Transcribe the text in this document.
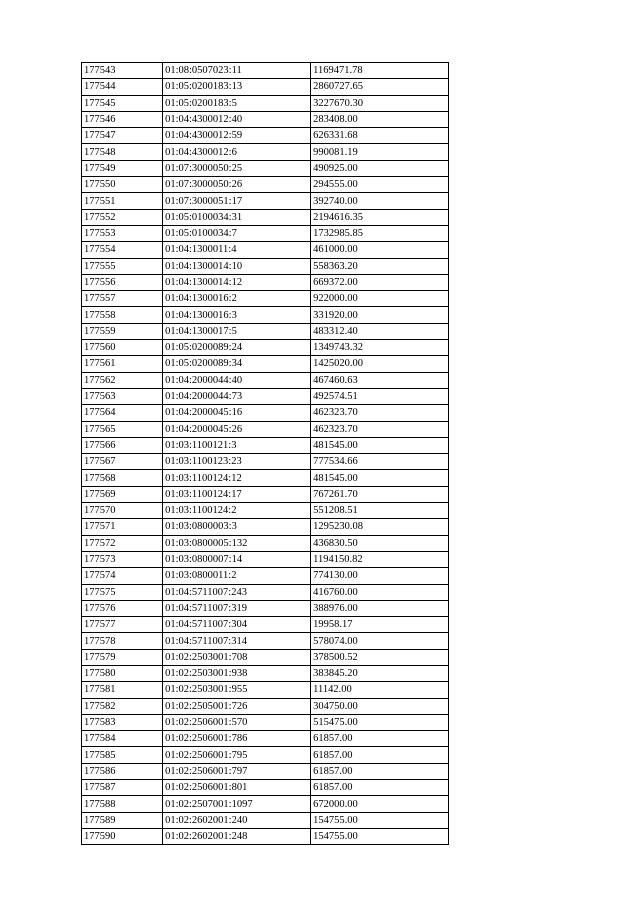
177543	01:08:0507023:11	1169471.78
177544	01:05:0200183:13	2860727.65
177545	01:05:0200183:5	3227670.30
177546	01:04:4300012:40	283408.00
177547	01:04:4300012:59	626331.68
177548	01:04:4300012:6	990081.19
177549	01:07:3000050:25	490925.00
177550	01:07:3000050:26	294555.00
177551	01:07:3000051:17	392740.00
177552	01:05:0100034:31	2194616.35
177553	01:05:0100034:7	1732985.85
177554	01:04:1300011:4	461000.00
177555	01:04:1300014:10	558363.20
177556	01:04:1300014:12	669372.00
177557	01:04:1300016:2	922000.00
177558	01:04:1300016:3	331920.00
177559	01:04:1300017:5	483312.40
177560	01:05:0200089:24	1349743.32
177561	01:05:0200089:34	1425020.00
177562	01:04:2000044:40	467460.63
177563	01:04:2000044:73	492574.51
177564	01:04:2000045:16	462323.70
177565	01:04:2000045:26	462323.70
177566	01:03:1100121:3	481545.00
177567	01:03:1100123:23	777534.66
177568	01:03:1100124:12	481545.00
177569	01:03:1100124:17	767261.70
177570	01:03:1100124:2	551208.51
177571	01:03:0800003:3	1295230.08
177572	01:03:0800005:132	436830.50
177573	01:03:0800007:14	1194150.82
177574	01:03:0800011:2	774130.00
177575	01:04:5711007:243	416760.00
177576	01:04:5711007:319	388976.00
177577	01:04:5711007:304	19958.17
177578	01:04:5711007:314	578074.00
177579	01:02:2503001:708	378500.52
177580	01:02:2503001:938	383845.20
177581	01:02:2503001:955	11142.00
177582	01:02:2505001:726	304750.00
177583	01:02:2506001:570	515475.00
177584	01:02:2506001:786	61857.00
177585	01:02:2506001:795	61857.00
177586	01:02:2506001:797	61857.00
177587	01:02:2506001:801	61857.00
177588	01:02:2507001:1097	672000.00
177589	01:02:2602001:240	154755.00
177590	01:02:2602001:248	154755.00
